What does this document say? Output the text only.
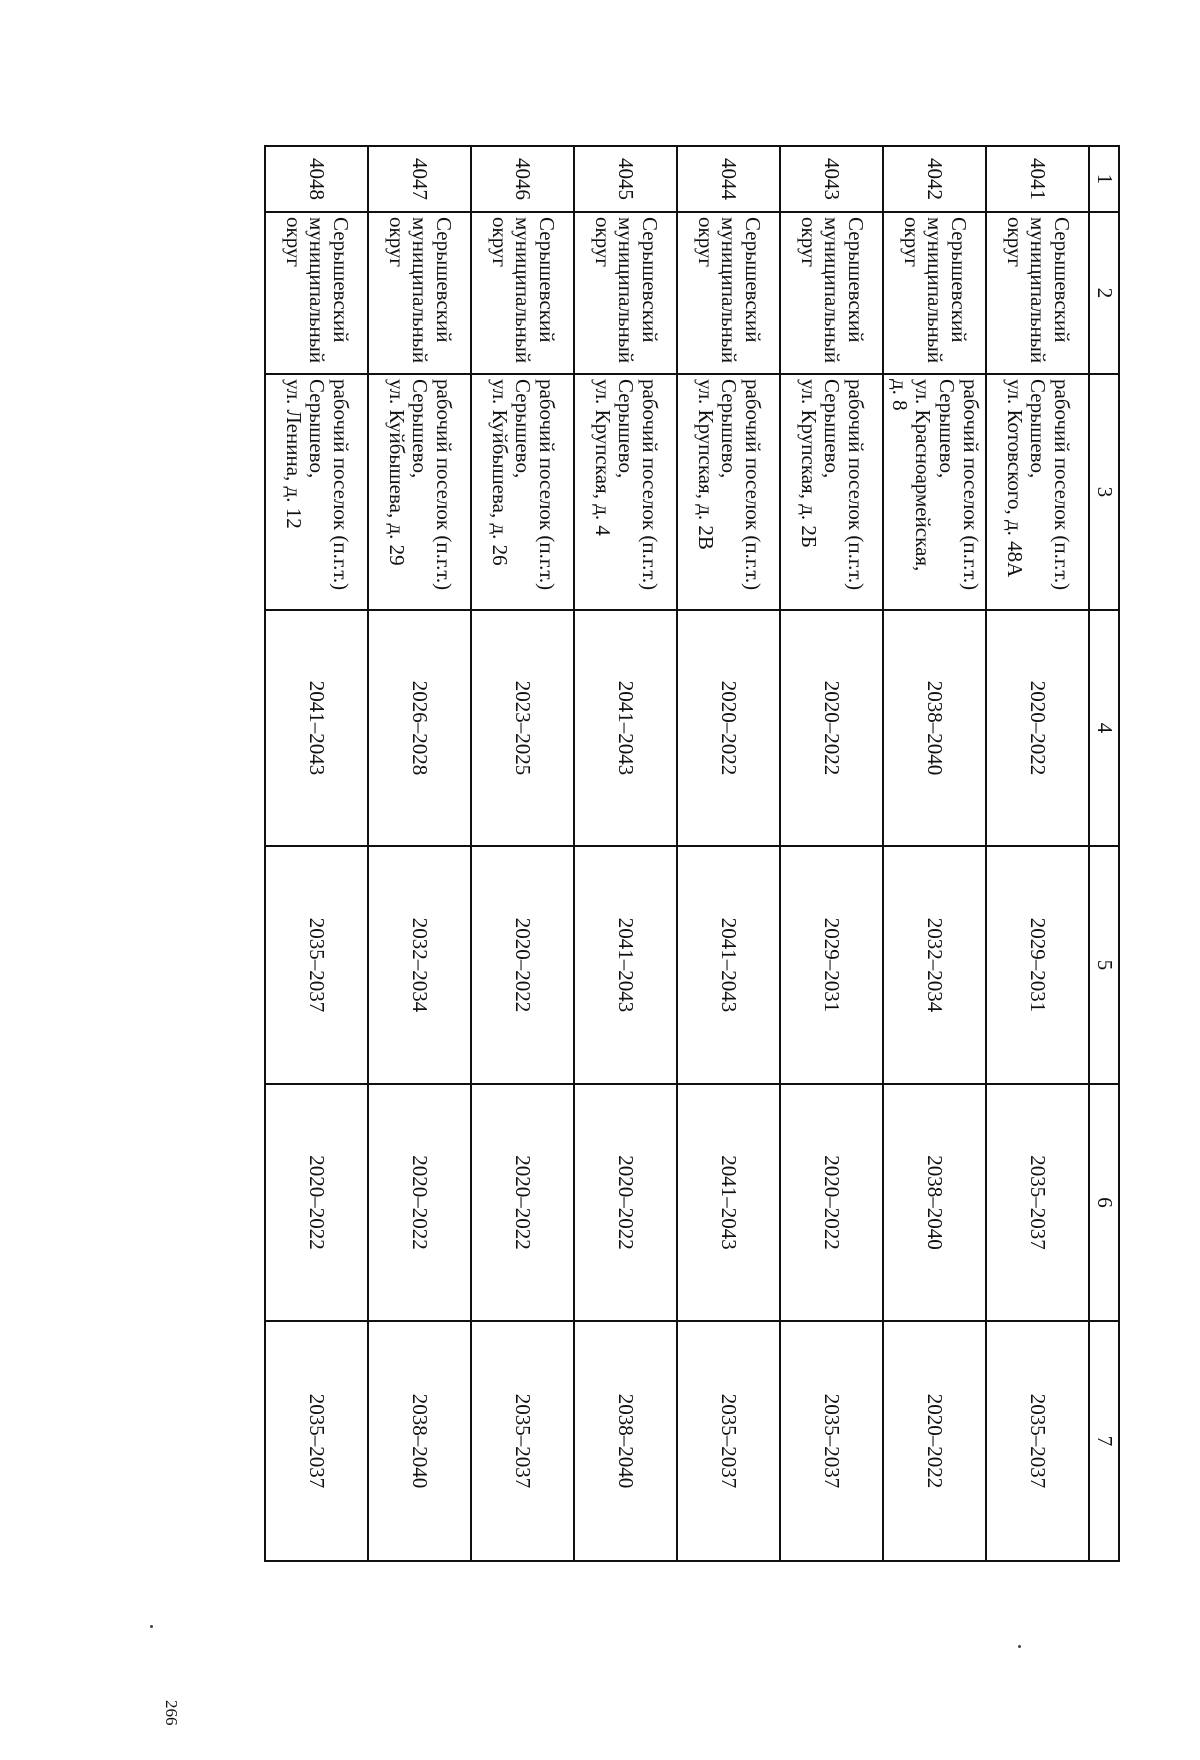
266
1	2	3	4	5	6	7
4041	Серышевский
муниципальный
округ	рабочий поселок (п.г.т.)
Серышево,
ул. Котовского, д. 48А	2020–2022	2029–2031	2035–2037	2035–2037
4042	Серышевский
муниципальный
округ	рабочий поселок (п.г.т.)
Серышево,
ул. Красноармейская,
д. 8	2038–2040	2032–2034	2038–2040	2020–2022
4043	Серышевский
муниципальный
округ	рабочий поселок (п.г.т.)
Серышево,
ул. Крупская, д. 2Б	2020–2022	2029–2031	2020–2022	2035–2037
4044	Серышевский
муниципальный
округ	рабочий поселок (п.г.т.)
Серышево,
ул. Крупская, д. 2В	2020–2022	2041–2043	2041–2043	2035–2037
4045	Серышевский
муниципальный
округ	рабочий поселок (п.г.т.)
Серышево,
ул. Крупская, д. 4	2041–2043	2041–2043	2020–2022	2038–2040
4046	Серышевский
муниципальный
округ	рабочий поселок (п.г.т.)
Серышево,
ул. Куйбышева, д. 26	2023–2025	2020–2022	2020–2022	2035–2037
4047	Серышевский
муниципальный
округ	рабочий поселок (п.г.т.)
Серышево,
ул. Куйбышева, д. 29	2026–2028	2032–2034	2020–2022	2038–2040
4048	Серышевский
муниципальный
округ	рабочий поселок (п.г.т.)
Серышево,
ул. Ленина, д. 12	2041–2043	2035–2037	2020–2022	2035–2037
